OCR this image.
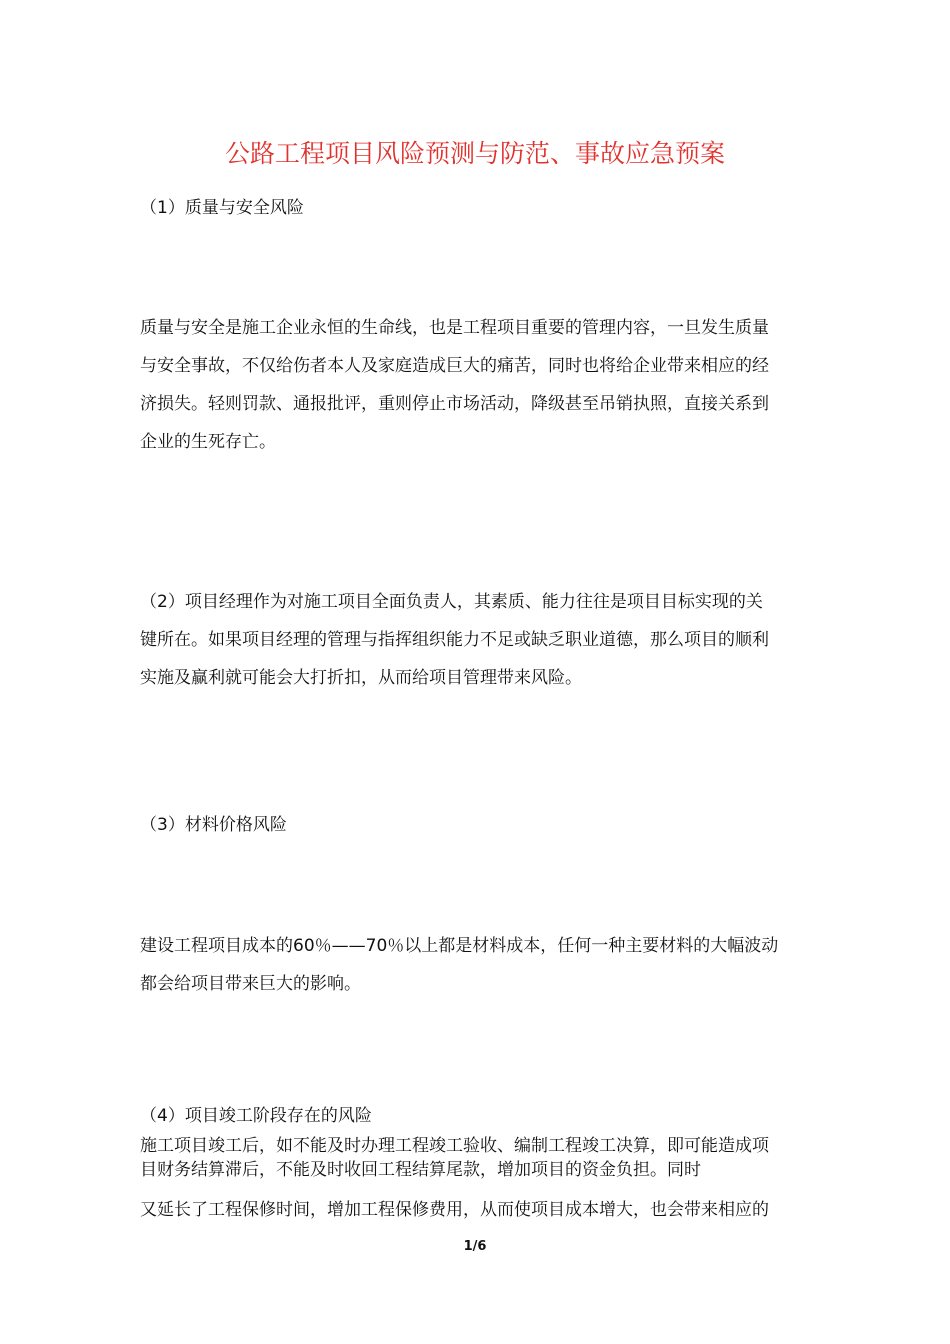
公路工程项目风险预测与防范、事故应急预案
（1）质量与安全风险
质量与安全是施工企业永恒的生命线，也是工程项目重要的管理内容，一旦发生质量
与安全事故，不仅给伤者本人及家庭造成巨大的痛苦，同时也将给企业带来相应的经
济损失。轻则罚款、通报批评，重则停止市场活动，降级甚至吊销执照，直接关系到
企业的生死存亡。
（2）项目经理作为对施工项目全面负责人，其素质、能力往往是项目目标实现的关
键所在。如果项目经理的管理与指挥组织能力不足或缺乏职业道德，那么项目的顺利
实施及赢利就可能会大打折扣，从而给项目管理带来风险。
（3）材料价格风险
建设工程项目成本的60％——70％以上都是材料成本，任何一种主要材料的大幅波动
都会给项目带来巨大的影响。
（4）项目竣工阶段存在的风险
施工项目竣工后，如不能及时办理工程竣工验收、编制工程竣工决算，即可能造成项
目财务结算滞后，不能及时收回工程结算尾款，增加项目的资金负担。同时
又延长了工程保修时间，增加工程保修费用，从而使项目成本增大，也会带来相应的
1/6
